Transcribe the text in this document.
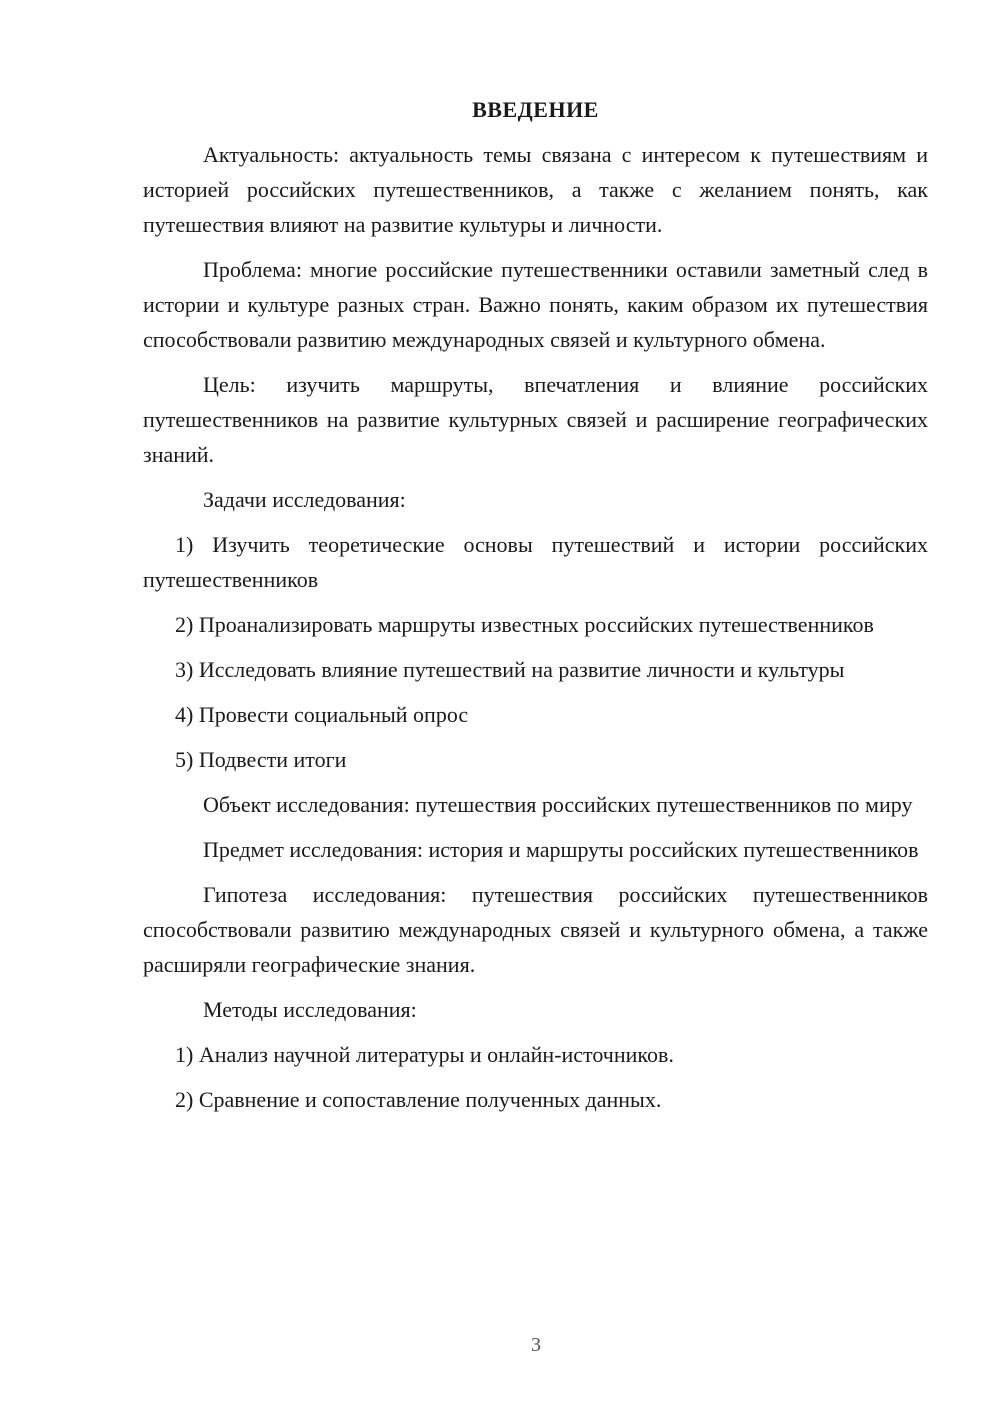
ВВЕДЕНИЕ

Актуальность: актуальность темы связана с интересом к путешествиям и историей российских путешественников, а также с желанием понять, как путешествия влияют на развитие культуры и личности.

Проблема: многие российские путешественники оставили заметный след в истории и культуре разных стран. Важно понять, каким образом их путешествия способствовали развитию международных связей и культурного обмена.

Цель: изучить маршруты, впечатления и влияние российских путешественников на развитие культурных связей и расширение географических знаний.

Задачи исследования:

1) Изучить теоретические основы путешествий и истории российских путешественников

2) Проанализировать маршруты известных российских путешественников

3) Исследовать влияние путешествий на развитие личности и культуры

4) Провести социальный опрос

5) Подвести итоги

Объект исследования: путешествия российских путешественников по миру

Предмет исследования: история и маршруты российских путешественников

Гипотеза исследования: путешествия российских путешественников способствовали развитию международных связей и культурного обмена, а также расширяли географические знания.

Методы исследования:

1) Анализ научной литературы и онлайн-источников.

2) Сравнение и сопоставление полученных данных.

3
